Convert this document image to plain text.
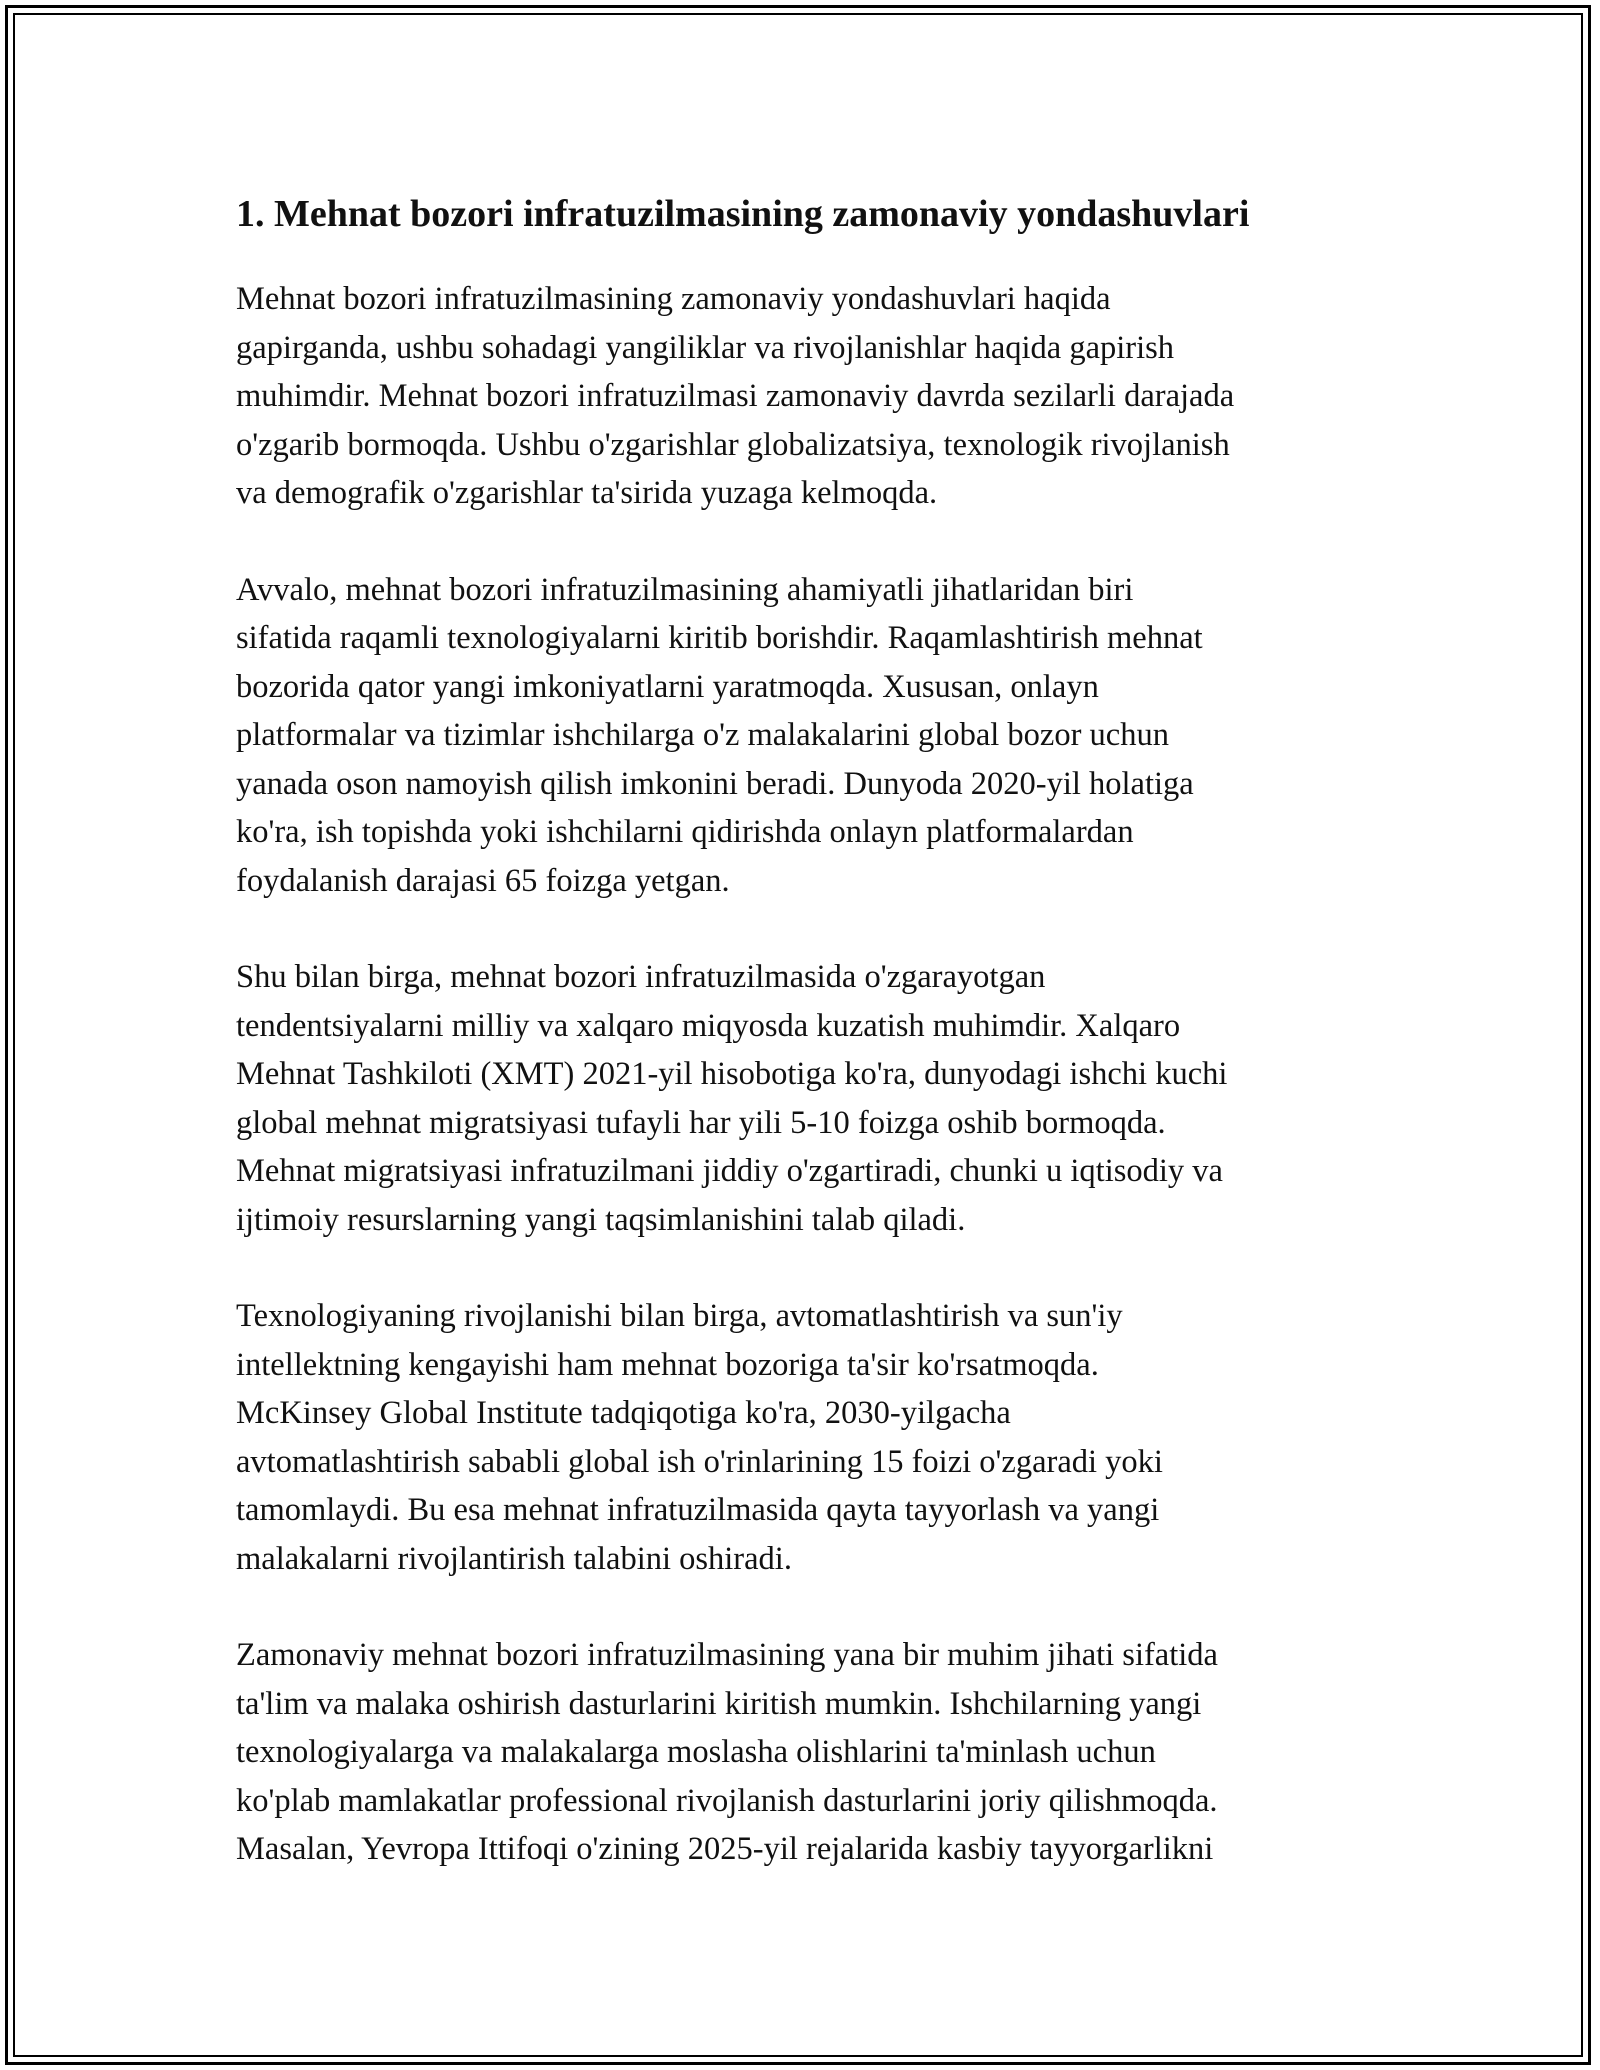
1. Mehnat bozori infratuzilmasining zamonaviy yondashuvlari

Mehnat bozori infratuzilmasining zamonaviy yondashuvlari haqida
gapirganda, ushbu sohadagi yangiliklar va rivojlanishlar haqida gapirish
muhimdir. Mehnat bozori infratuzilmasi zamonaviy davrda sezilarli darajada
o'zgarib bormoqda. Ushbu o'zgarishlar globalizatsiya, texnologik rivojlanish
va demografik o'zgarishlar ta'sirida yuzaga kelmoqda.

Avvalo, mehnat bozori infratuzilmasining ahamiyatli jihatlaridan biri
sifatida raqamli texnologiyalarni kiritib borishdir. Raqamlashtirish mehnat
bozorida qator yangi imkoniyatlarni yaratmoqda. Xususan, onlayn
platformalar va tizimlar ishchilarga o'z malakalarini global bozor uchun
yanada oson namoyish qilish imkonini beradi. Dunyoda 2020-yil holatiga
ko'ra, ish topishda yoki ishchilarni qidirishda onlayn platformalardan
foydalanish darajasi 65 foizga yetgan.

Shu bilan birga, mehnat bozori infratuzilmasida o'zgarayotgan
tendentsiyalarni milliy va xalqaro miqyosda kuzatish muhimdir. Xalqaro
Mehnat Tashkiloti (XMT) 2021-yil hisobotiga ko'ra, dunyodagi ishchi kuchi
global mehnat migratsiyasi tufayli har yili 5-10 foizga oshib bormoqda.
Mehnat migratsiyasi infratuzilmani jiddiy o'zgartiradi, chunki u iqtisodiy va
ijtimoiy resurslarning yangi taqsimlanishini talab qiladi.

Texnologiyaning rivojlanishi bilan birga, avtomatlashtirish va sun'iy
intellektning kengayishi ham mehnat bozoriga ta'sir ko'rsatmoqda.
McKinsey Global Institute tadqiqotiga ko'ra, 2030-yilgacha
avtomatlashtirish sababli global ish o'rinlarining 15 foizi o'zgaradi yoki
tamomlaydi. Bu esa mehnat infratuzilmasida qayta tayyorlash va yangi
malakalarni rivojlantirish talabini oshiradi.

Zamonaviy mehnat bozori infratuzilmasining yana bir muhim jihati sifatida
ta'lim va malaka oshirish dasturlarini kiritish mumkin. Ishchilarning yangi
texnologiyalarga va malakalarga moslasha olishlarini ta'minlash uchun
ko'plab mamlakatlar professional rivojlanish dasturlarini joriy qilishmoqda.
Masalan, Yevropa Ittifoqi o'zining 2025-yil rejalarida kasbiy tayyorgarlikni
